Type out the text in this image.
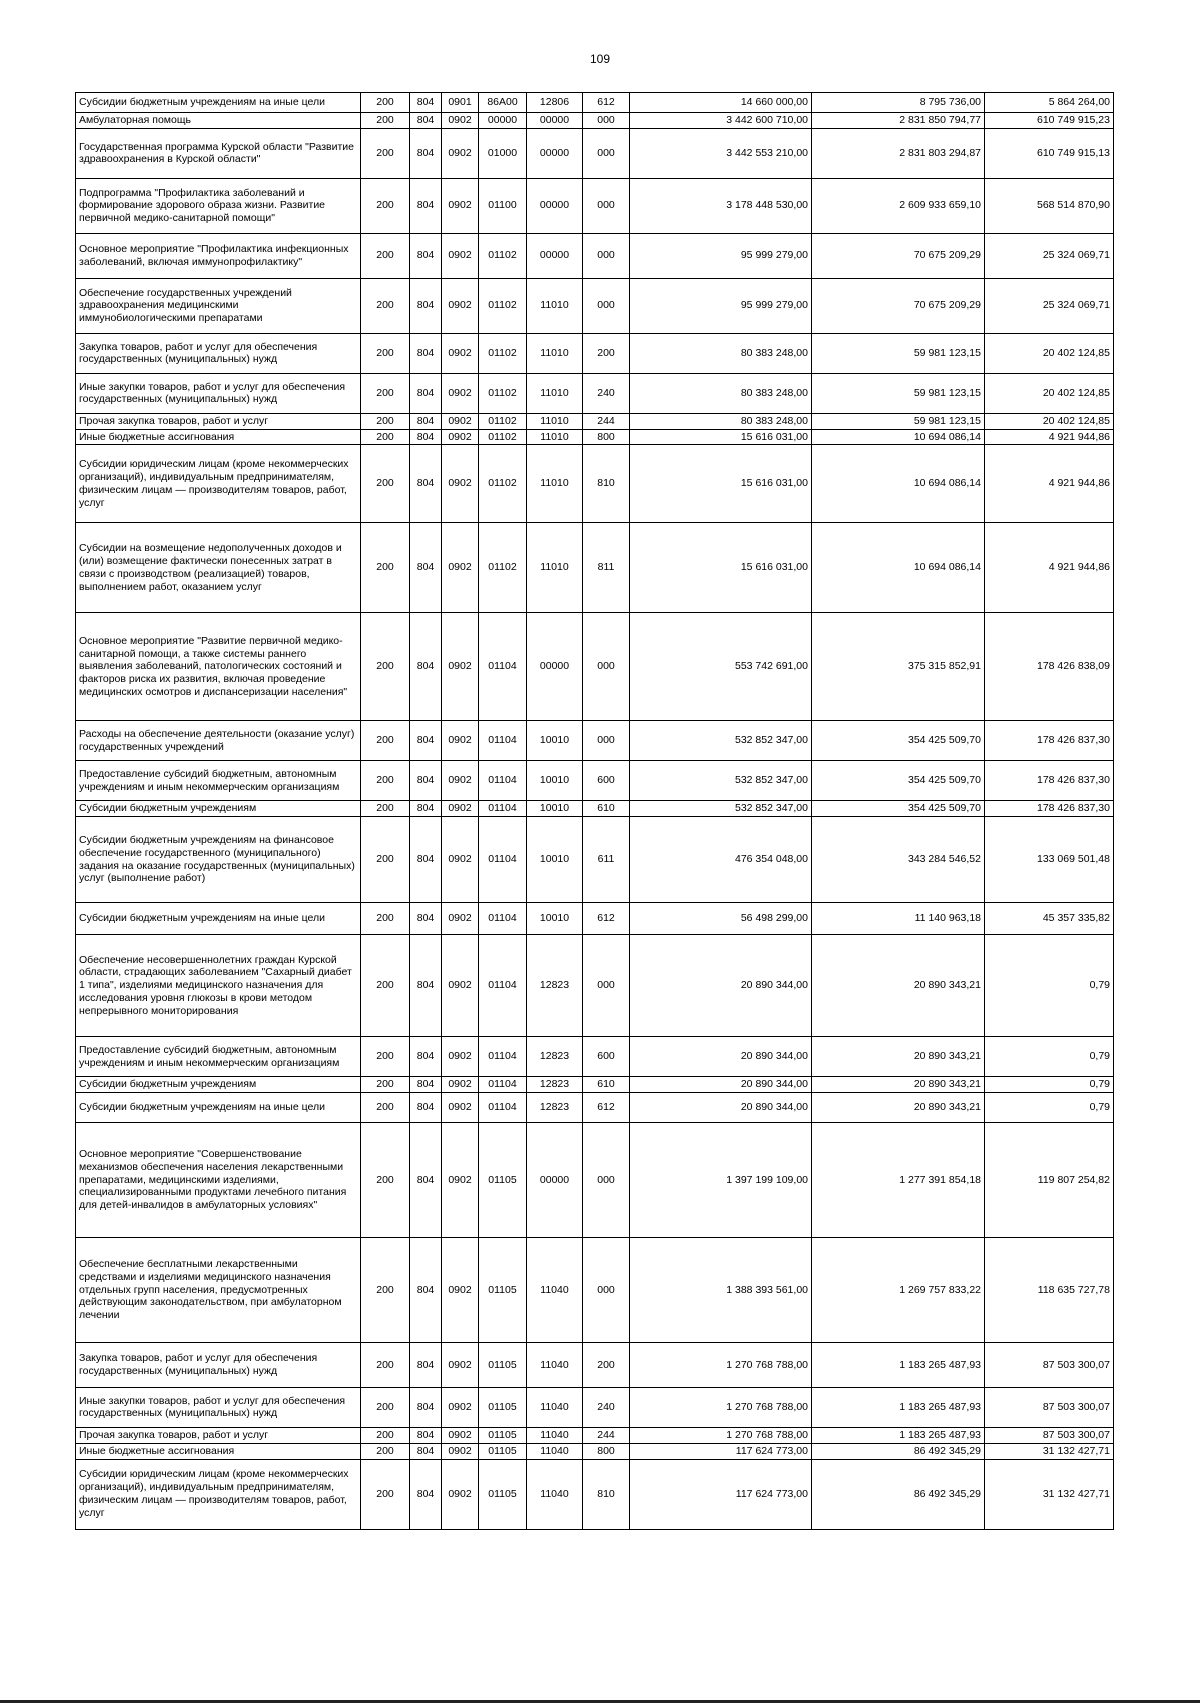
109
Субсидии бюджетным учреждениям на иные цели	200	804	0901	86А00	12806	612	14 660 000,00	8 795 736,00	5 864 264,00
Амбулаторная помощь	200	804	0902	00000	00000	000	3 442 600 710,00	2 831 850 794,77	610 749 915,23
Государственная программа Курской области "Развитие здравоохранения в Курской области"	200	804	0902	01000	00000	000	3 442 553 210,00	2 831 803 294,87	610 749 915,13
Подпрограмма "Профилактика заболеваний и формирование здорового образа жизни. Развитие первичной медико-санитарной помощи"	200	804	0902	01100	00000	000	3 178 448 530,00	2 609 933 659,10	568 514 870,90
Основное мероприятие "Профилактика инфекционных заболеваний, включая иммунопрофилактику"	200	804	0902	01102	00000	000	95 999 279,00	70 675 209,29	25 324 069,71
Обеспечение государственных учреждений здравоохранения медицинскими иммунобиологическими препаратами	200	804	0902	01102	11010	000	95 999 279,00	70 675 209,29	25 324 069,71
Закупка товаров, работ и услуг для обеспечения государственных (муниципальных) нужд	200	804	0902	01102	11010	200	80 383 248,00	59 981 123,15	20 402 124,85
Иные закупки товаров, работ и услуг для обеспечения государственных (муниципальных) нужд	200	804	0902	01102	11010	240	80 383 248,00	59 981 123,15	20 402 124,85
Прочая закупка товаров, работ и услуг	200	804	0902	01102	11010	244	80 383 248,00	59 981 123,15	20 402 124,85
Иные бюджетные ассигнования	200	804	0902	01102	11010	800	15 616 031,00	10 694 086,14	4 921 944,86
Субсидии юридическим лицам (кроме некоммерческих организаций), индивидуальным предпринимателям, физическим лицам — производителям товаров, работ, услуг	200	804	0902	01102	11010	810	15 616 031,00	10 694 086,14	4 921 944,86
Субсидии на возмещение недополученных доходов и (или) возмещение фактически понесенных затрат в связи с производством (реализацией) товаров, выполнением работ, оказанием услуг	200	804	0902	01102	11010	811	15 616 031,00	10 694 086,14	4 921 944,86
Основное мероприятие "Развитие первичной медико-санитарной помощи, а также системы раннего выявления заболеваний, патологических состояний и факторов риска их развития, включая проведение медицинских осмотров и диспансеризации населения"	200	804	0902	01104	00000	000	553 742 691,00	375 315 852,91	178 426 838,09
Расходы на обеспечение деятельности (оказание услуг) государственных учреждений	200	804	0902	01104	10010	000	532 852 347,00	354 425 509,70	178 426 837,30
Предоставление субсидий бюджетным, автономным учреждениям и иным некоммерческим организациям	200	804	0902	01104	10010	600	532 852 347,00	354 425 509,70	178 426 837,30
Субсидии бюджетным учреждениям	200	804	0902	01104	10010	610	532 852 347,00	354 425 509,70	178 426 837,30
Субсидии бюджетным учреждениям на финансовое обеспечение государственного (муниципального) задания на оказание государственных (муниципальных) услуг (выполнение работ)	200	804	0902	01104	10010	611	476 354 048,00	343 284 546,52	133 069 501,48
Субсидии бюджетным учреждениям на иные цели	200	804	0902	01104	10010	612	56 498 299,00	11 140 963,18	45 357 335,82
Обеспечение несовершеннолетних граждан Курской области, страдающих заболеванием "Сахарный диабет 1 типа", изделиями медицинского назначения для исследования уровня глюкозы в крови методом непрерывного мониторирования	200	804	0902	01104	12823	000	20 890 344,00	20 890 343,21	0,79
Предоставление субсидий бюджетным, автономным учреждениям и иным некоммерческим организациям	200	804	0902	01104	12823	600	20 890 344,00	20 890 343,21	0,79
Субсидии бюджетным учреждениям	200	804	0902	01104	12823	610	20 890 344,00	20 890 343,21	0,79
Субсидии бюджетным учреждениям на иные цели	200	804	0902	01104	12823	612	20 890 344,00	20 890 343,21	0,79
Основное мероприятие "Совершенствование механизмов обеспечения населения лекарственными препаратами, медицинскими изделиями, специализированными продуктами лечебного питания для детей-инвалидов в амбулаторных условиях"	200	804	0902	01105	00000	000	1 397 199 109,00	1 277 391 854,18	119 807 254,82
Обеспечение бесплатными лекарственными средствами и изделиями медицинского назначения отдельных групп населения, предусмотренных действующим законодательством, при амбулаторном лечении	200	804	0902	01105	11040	000	1 388 393 561,00	1 269 757 833,22	118 635 727,78
Закупка товаров, работ и услуг для обеспечения государственных (муниципальных) нужд	200	804	0902	01105	11040	200	1 270 768 788,00	1 183 265 487,93	87 503 300,07
Иные закупки товаров, работ и услуг для обеспечения государственных (муниципальных) нужд	200	804	0902	01105	11040	240	1 270 768 788,00	1 183 265 487,93	87 503 300,07
Прочая закупка товаров, работ и услуг	200	804	0902	01105	11040	244	1 270 768 788,00	1 183 265 487,93	87 503 300,07
Иные бюджетные ассигнования	200	804	0902	01105	11040	800	117 624 773,00	86 492 345,29	31 132 427,71
Субсидии юридическим лицам (кроме некоммерческих организаций), индивидуальным предпринимателям, физическим лицам — производителям товаров, работ, услуг	200	804	0902	01105	11040	810	117 624 773,00	86 492 345,29	31 132 427,71
